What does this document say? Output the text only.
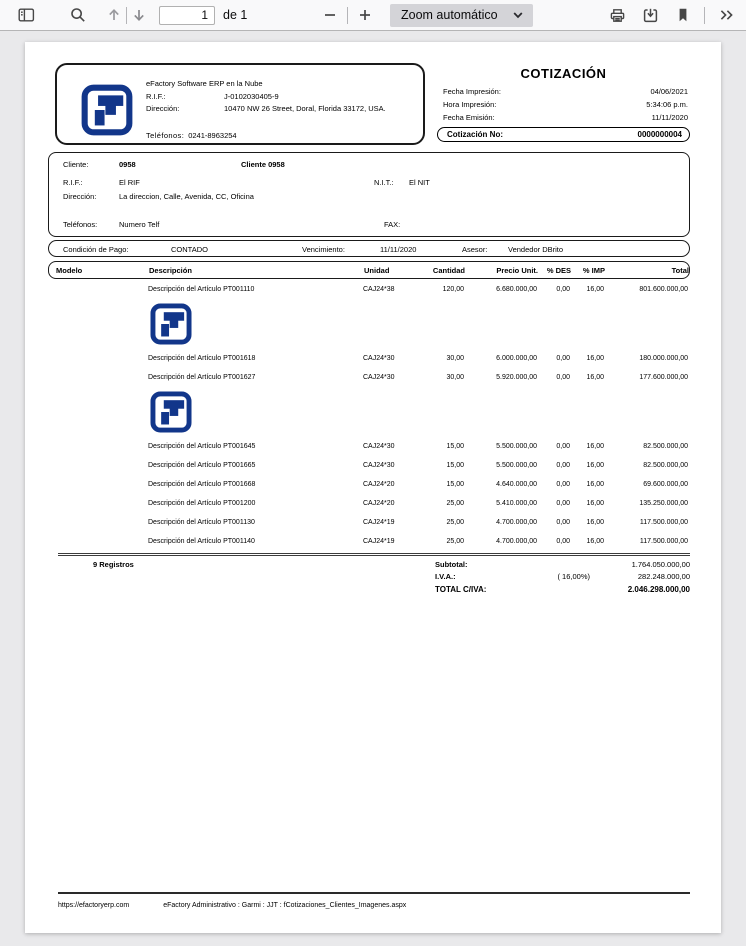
1
de 1	Zoom automático
eFactory Software ERP en la Nube
R.I.F.:	J-0102030405-9
Dirección:	10470 NW 26 Street, Doral, Florida 33172, USA.
Teléfonos: 0241-8963254
COTIZACIÓN
Fecha Impresión:	04/06/2021
Hora Impresión:	5:34:06 p.m.
Fecha Emisión:	11/11/2020
Cotización No:	0000000004
Cliente:	0958	Cliente 0958
R.I.F.:	El RIF	N.I.T.: El NIT
Dirección:	La direccion, Calle, Avenida, CC, Oficina
Teléfonos:	Numero Telf	FAX:
Condición de Pago:	CONTADO	Vencimiento:	11/11/2020	Asesor:	Vendedor DBrito
Modelo	Descripción	Unidad	Cantidad	Precio Unit.	% DES	% IMP	Total
Descripción del Artículo PT001110	CAJ24*38	120,00	6.680.000,00	0,00	16,00	801.600.000,00
Descripción del Artículo PT001618	CAJ24*30	30,00	6.000.000,00	0,00	16,00	180.000.000,00
Descripción del Artículo PT001627	CAJ24*30	30,00	5.920.000,00	0,00	16,00	177.600.000,00
Descripción del Artículo PT001645	CAJ24*30	15,00	5.500.000,00	0,00	16,00	82.500.000,00
Descripción del Artículo PT001665	CAJ24*30	15,00	5.500.000,00	0,00	16,00	82.500.000,00
Descripción del Artículo PT001668	CAJ24*20	15,00	4.640.000,00	0,00	16,00	69.600.000,00
Descripción del Artículo PT001200	CAJ24*20	25,00	5.410.000,00	0,00	16,00	135.250.000,00
Descripción del Artículo PT001130	CAJ24*19	25,00	4.700.000,00	0,00	16,00	117.500.000,00
Descripción del Artículo PT001140	CAJ24*19	25,00	4.700.000,00	0,00	16,00	117.500.000,00
9 Registros	Subtotal:	1.764.050.000,00
I.V.A.:	( 16,00%)	282.248.000,00
TOTAL C/IVA:	2.046.298.000,00
https://efactoryerp.com	eFactory Administrativo : Garmi : JJT : fCotizaciones_Clientes_Imagenes.aspx
